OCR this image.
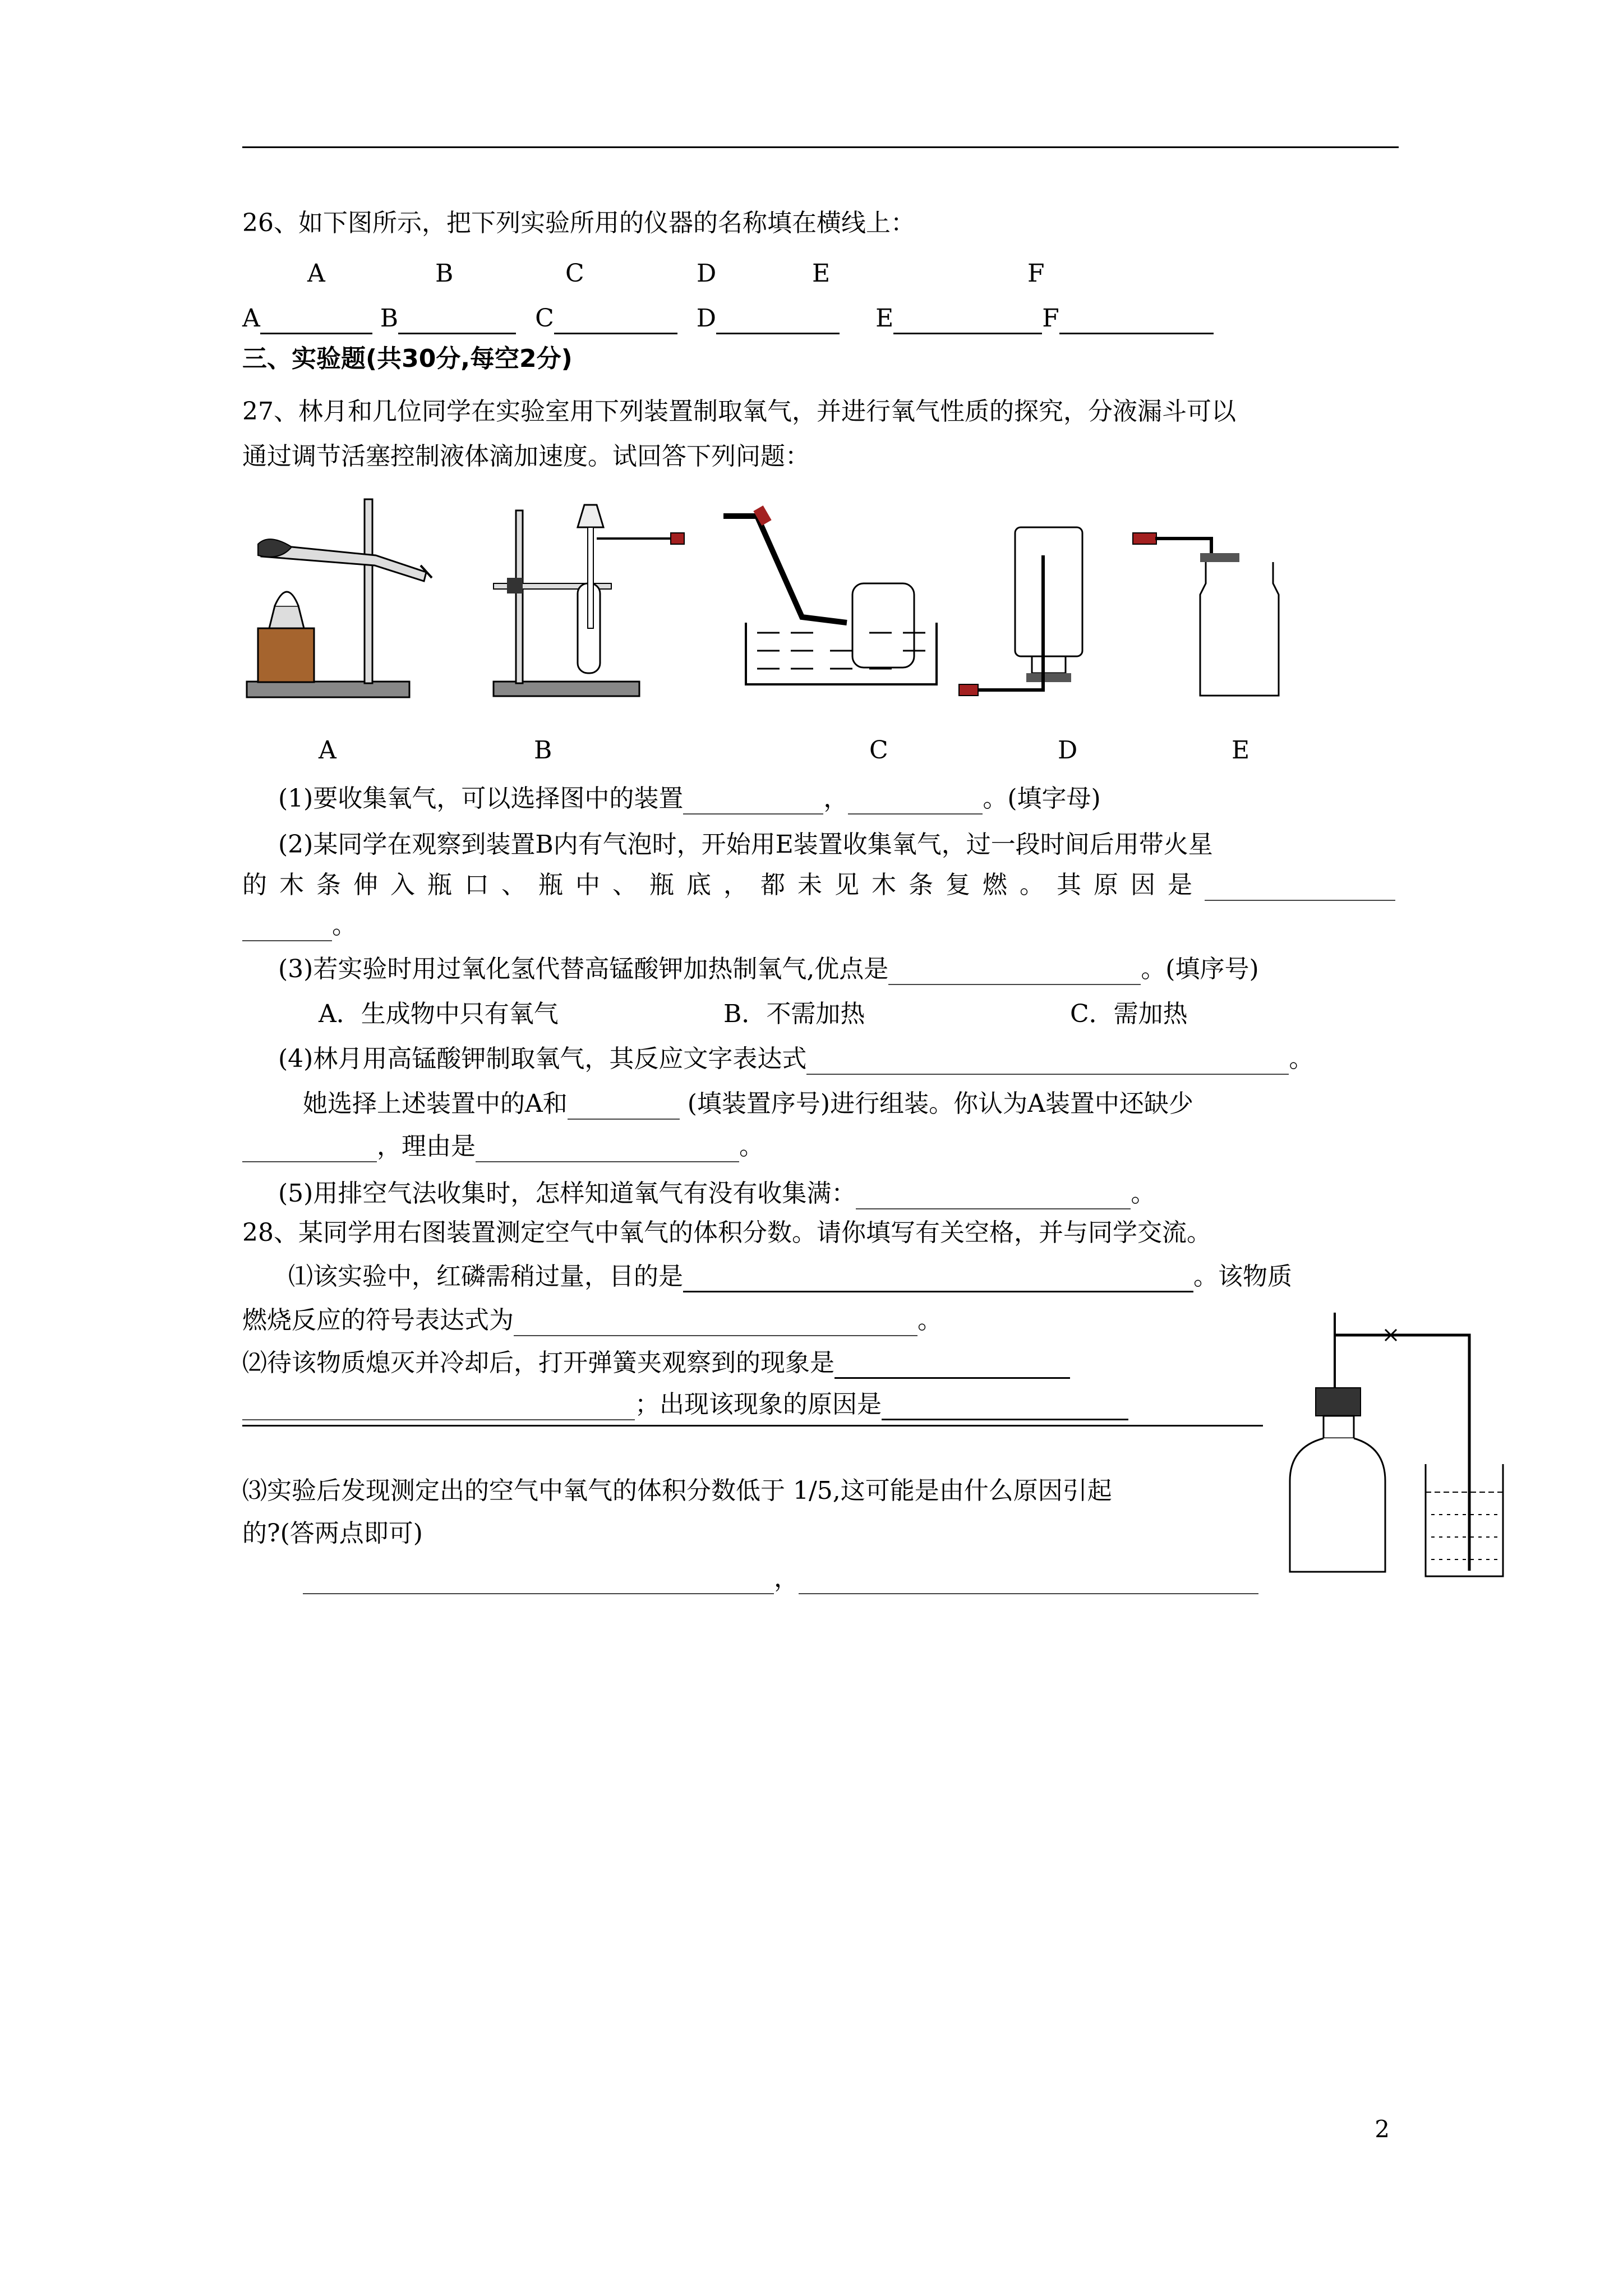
26、如下图所示，把下列实验所用的仪器的名称填在横线上：
A	B	C	D	E	F
A	B	C	D	E	F
三、实验题(共30分,每空2分)
27、林月和几位同学在实验室用下列装置制取氧气，并进行氧气性质的探究，分液漏斗可以
通过调节活塞控制液体滴加速度。试回答下列问题：
A	B	C	D	E
(1)要收集氧气，可以选择图中的装置	，	。(填字母)
(2)某同学在观察到装置B内有气泡时，开始用E装置收集氧气，过一段时间后用带火星
的木条伸入瓶口、瓶中、瓶底，都未见木条复燃。其原因是
。
(3)若实验时用过氧化氢代替高锰酸钾加热制氧气,优点是	。(填序号)
A．生成物中只有氧气	B．不需加热	C．需加热
(4)林月用高锰酸钾制取氧气，其反应文字表达式	。
她选择上述装置中的A和	(填装置序号)进行组装。你认为A装置中还缺少
，理由是	。
(5)用排空气法收集时，怎样知道氧气有没有收集满：	。
28、某同学用右图装置测定空气中氧气的体积分数。请你填写有关空格，并与同学交流。
⑴该实验中，红磷需稍过量，目的是	。该物质
燃烧反应的符号表达式为	。
⑵待该物质熄灭并冷却后，打开弹簧夹观察到的现象是
；出现该现象的原因是
⑶实验后发现测定出的空气中氧气的体积分数低于 1/5,这可能是由什么原因引起
的?(答两点即可)
，
2
